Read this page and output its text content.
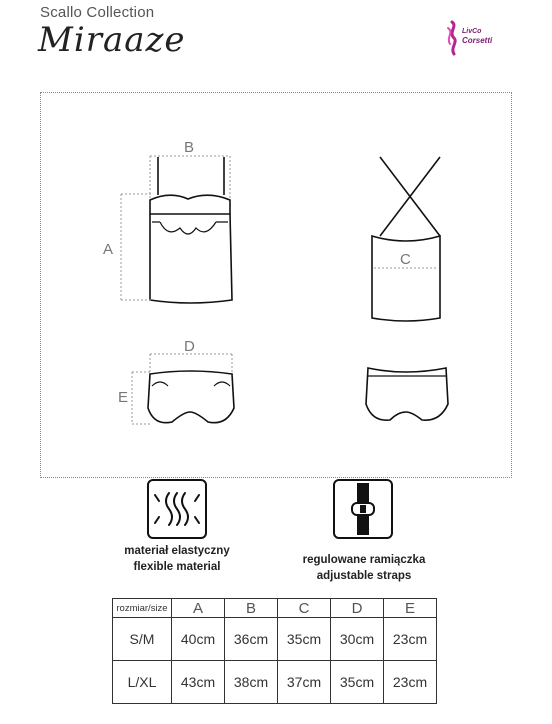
Scallo Collection
Miraaze	LivCo
Corsetti
B
A
C
D
E
materiał elastyczny
flexible material
regulowane ramiączka
adjustable straps
rozmiar/size	A	B	C	D	E
S/M	40cm	36cm	35cm	30cm	23cm
L/XL	43cm	38cm	37cm	35cm	23cm
